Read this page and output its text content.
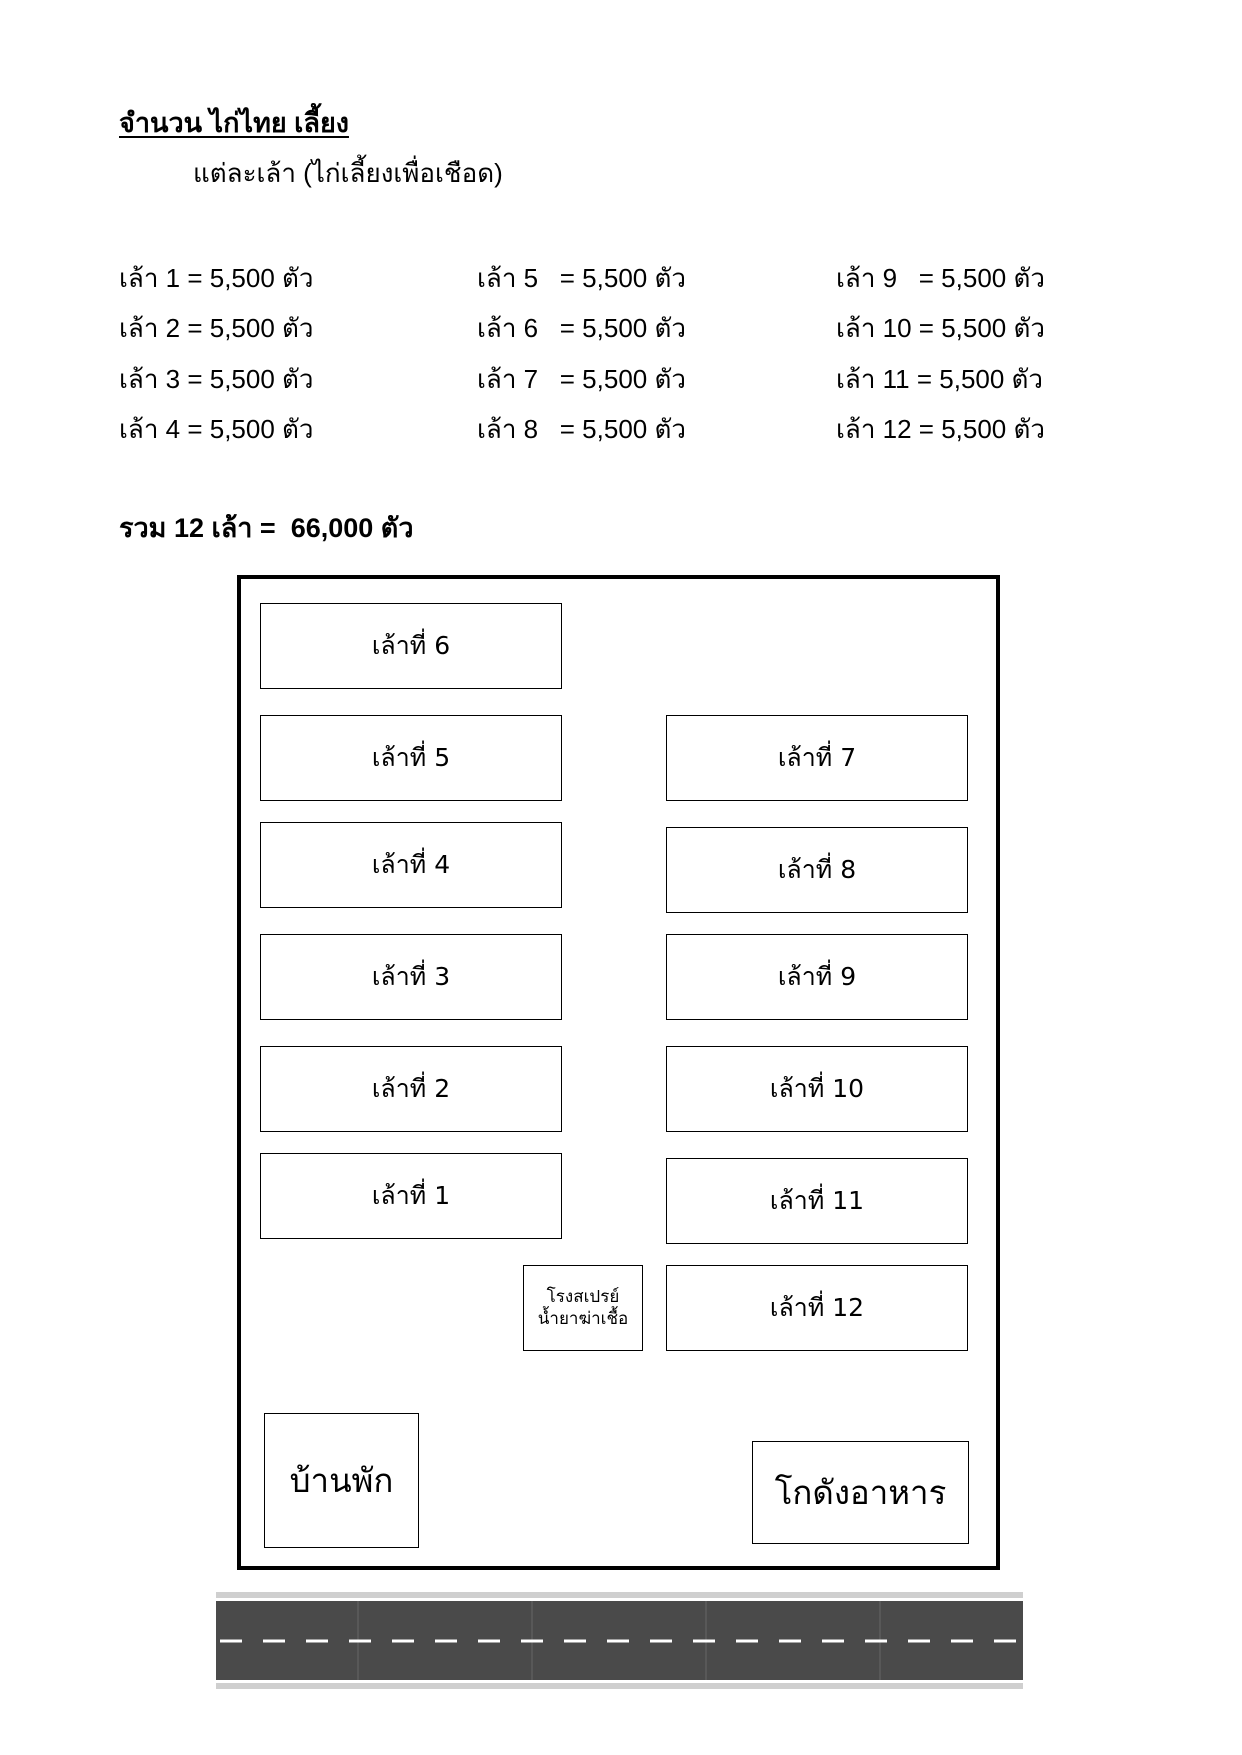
จำนวน ไก่ไทย เลี้ยง
แต่ละเล้า (ไก่เลี้ยงเพื่อเชือด)
เล้า 1 = 5,500 ตัว
เล้า 2 = 5,500 ตัว
เล้า 3 = 5,500 ตัว
เล้า 4 = 5,500 ตัว
เล้า 5   = 5,500 ตัว
เล้า 6   = 5,500 ตัว
เล้า 7   = 5,500 ตัว
เล้า 8   = 5,500 ตัว
เล้า 9   = 5,500 ตัว
เล้า 10 = 5,500 ตัว
เล้า 11 = 5,500 ตัว
เล้า 12 = 5,500 ตัว
รวม 12 เล้า =  66,000 ตัว
เล้าที่ 6
เล้าที่ 5
เล้าที่ 4
เล้าที่ 3
เล้าที่ 2
เล้าที่ 1
เล้าที่ 7
เล้าที่ 8
เล้าที่ 9
เล้าที่ 10
เล้าที่ 11
เล้าที่ 12
โรงสเปรย์
น้ำยาฆ่าเชื้อ
บ้านพัก	โกดังอาหาร
